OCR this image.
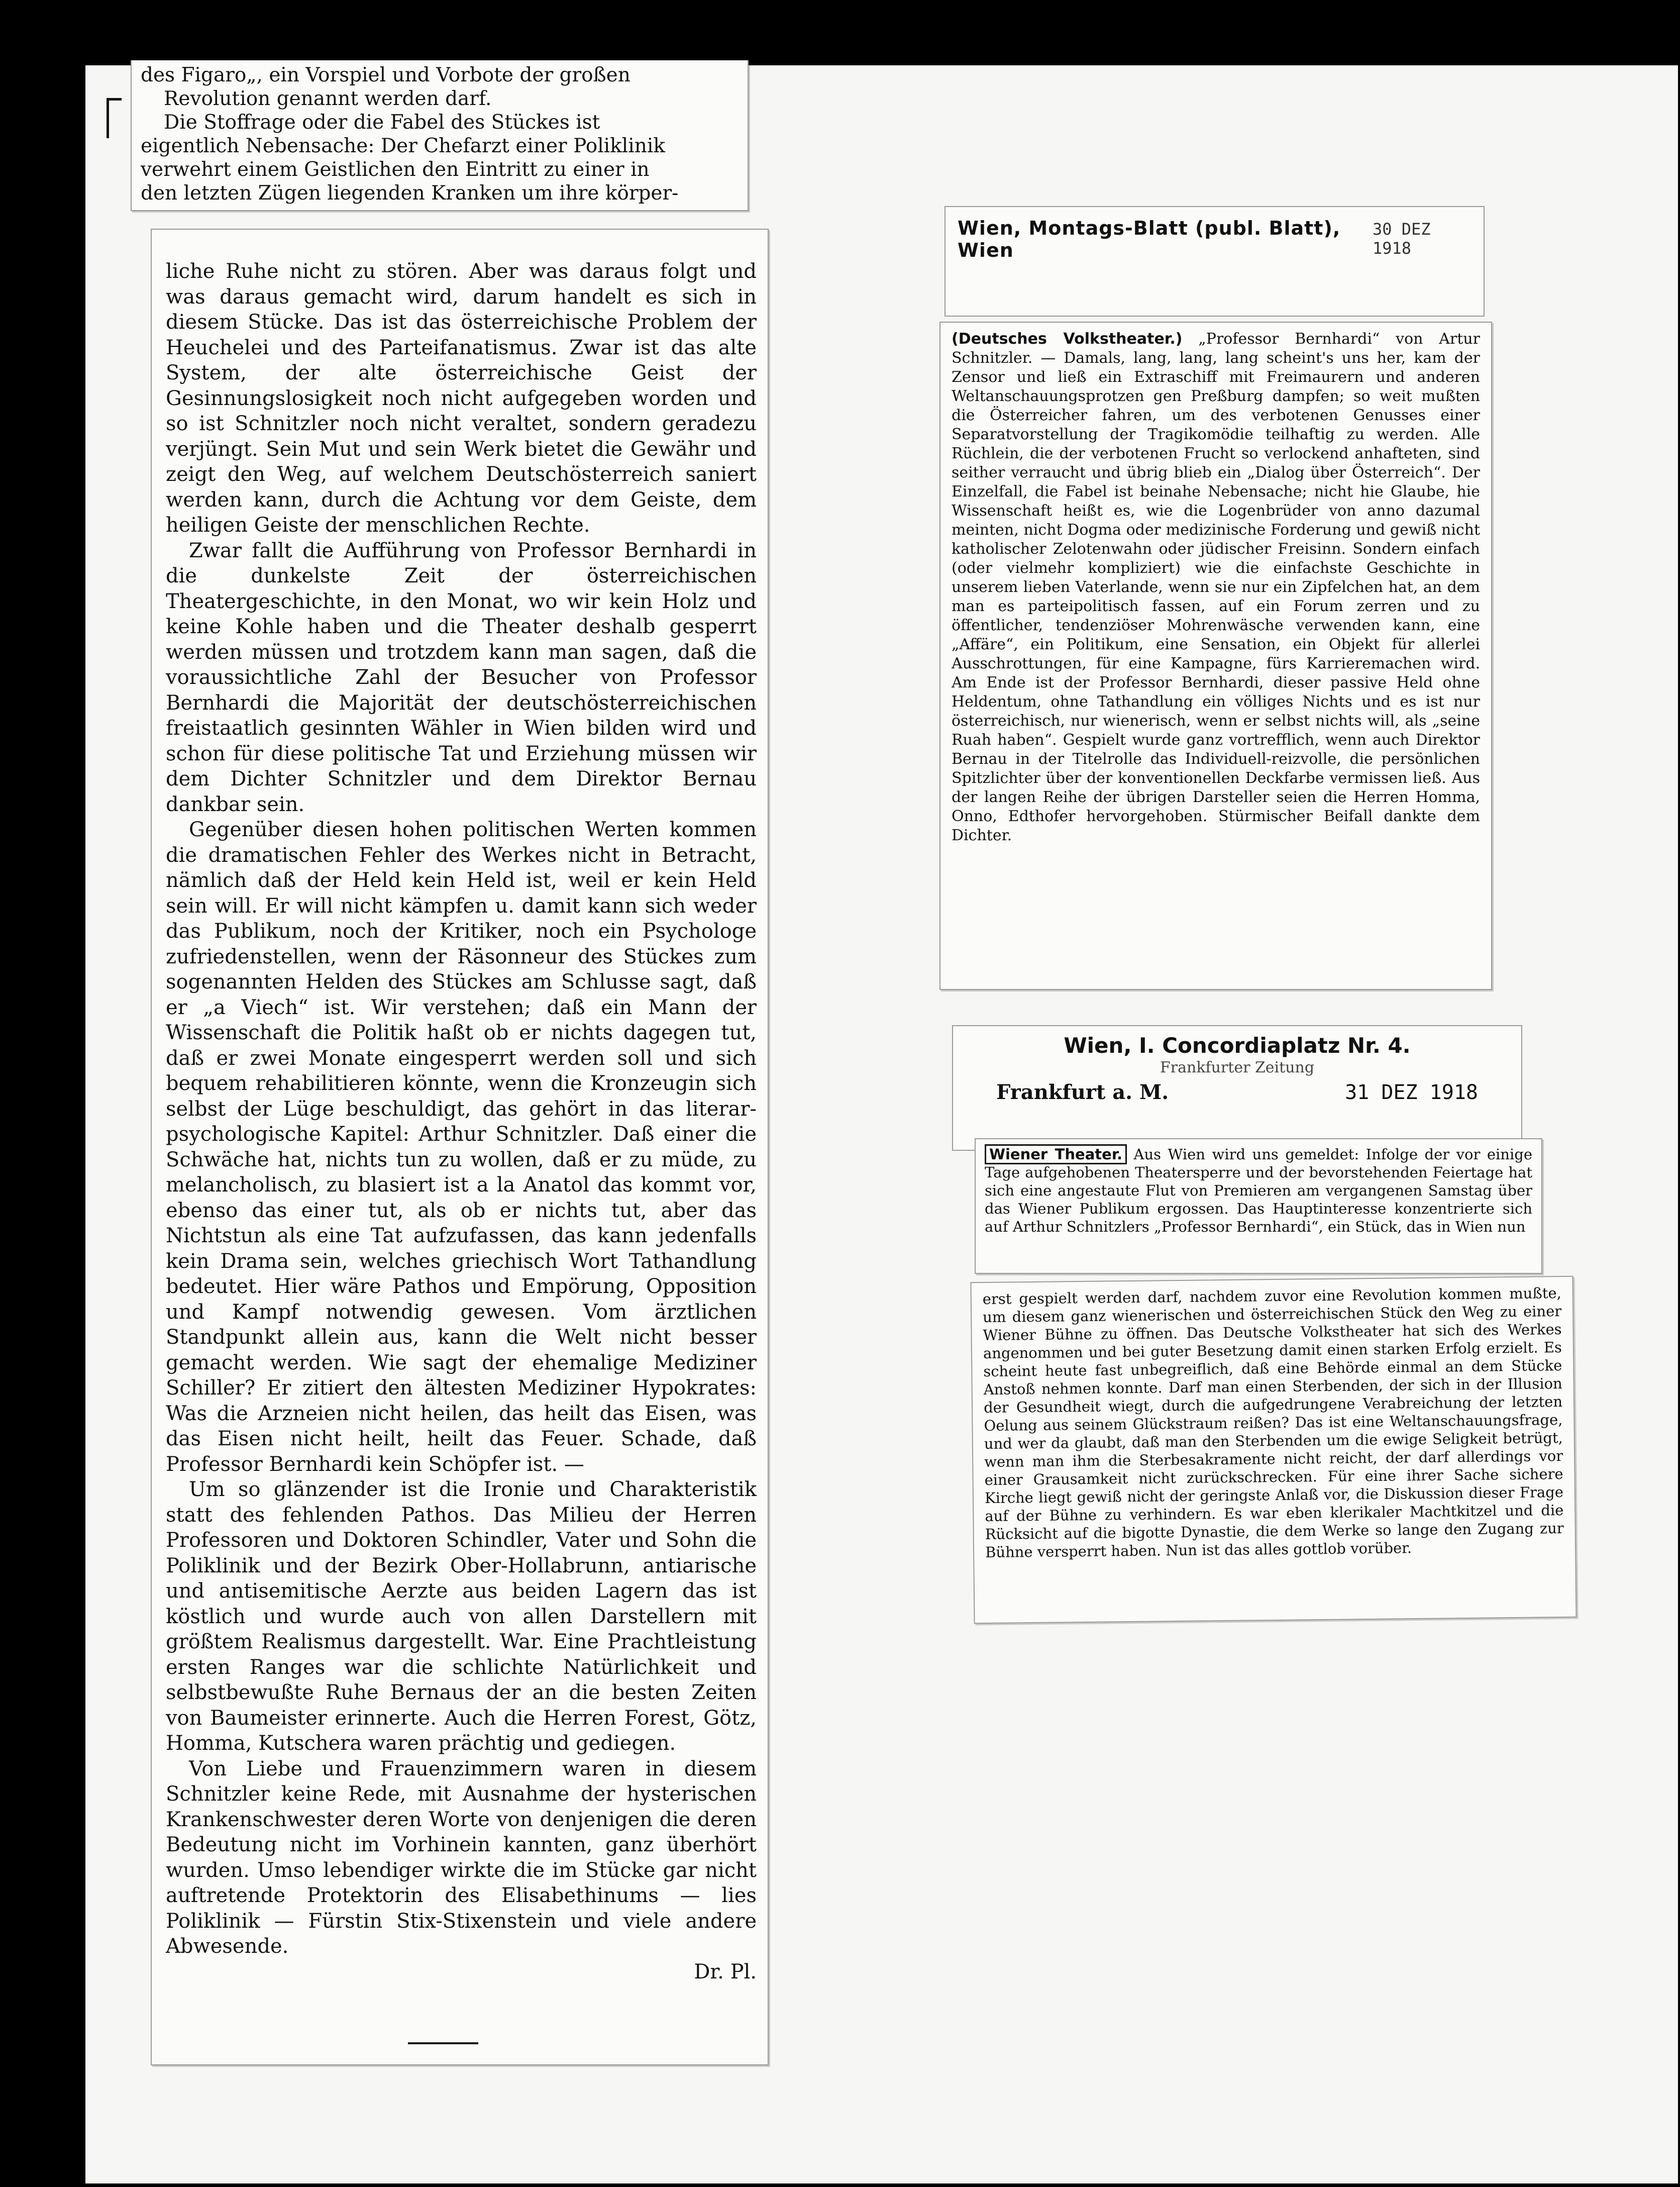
des Figaro„, ein Vorspiel und Vorbote der großen

Revolution genannt werden darf.

Die Stoffrage oder die Fabel des Stückes ist

eigentlich Nebensache: Der Chefarzt einer Poliklinik

verwehrt einem Geistlichen den Eintritt zu einer in

den letzten Zügen liegenden Kranken um ihre körper-

liche Ruhe nicht zu stören. Aber was daraus folgt und was daraus gemacht wird, darum handelt es sich in diesem Stücke. Das ist das österreichische Problem der Heuchelei und des Parteifanatismus. Zwar ist das alte System, der alte österreichische Geist der Gesinnungslosigkeit noch nicht aufgegeben worden und so ist Schnitzler noch nicht veraltet, sondern geradezu verjüngt. Sein Mut und sein Werk bietet die Gewähr und zeigt den Weg, auf welchem Deutschösterreich saniert werden kann, durch die Achtung vor dem Geiste, dem heiligen Geiste der menschlichen Rechte.

Zwar fallt die Aufführung von Professor Bernhardi in die dunkelste Zeit der österreichischen Theatergeschichte, in den Monat, wo wir kein Holz und keine Kohle haben und die Theater deshalb gesperrt werden müssen und trotzdem kann man sagen, daß die voraussichtliche Zahl der Besucher von Professor Bernhardi die Majorität der deutschösterreichischen freistaatlich gesinnten Wähler in Wien bilden wird und schon für diese politische Tat und Erziehung müssen wir dem Dichter Schnitzler und dem Direktor Bernau dankbar sein.

Gegenüber diesen hohen politischen Werten kommen die dramatischen Fehler des Werkes nicht in Betracht, nämlich daß der Held kein Held ist, weil er kein Held sein will. Er will nicht kämpfen u. damit kann sich weder das Publikum, noch der Kritiker, noch ein Psychologe zufriedenstellen, wenn der Räsonneur des Stückes zum sogenannten Helden des Stückes am Schlusse sagt, daß er „a Viech“ ist. Wir verstehen; daß ein Mann der Wissenschaft die Politik haßt ob er nichts dagegen tut, daß er zwei Monate eingesperrt werden soll und sich bequem rehabilitieren könnte, wenn die Kronzeugin sich selbst der Lüge beschuldigt, das gehört in das literar-psychologische Kapitel: Arthur Schnitzler. Daß einer die Schwäche hat, nichts tun zu wollen, daß er zu müde, zu melancholisch, zu blasiert ist a la Anatol das kommt vor, ebenso das einer tut, als ob er nichts tut, aber das Nichtstun als eine Tat aufzufassen, das kann jedenfalls kein Drama sein, welches griechisch Wort Tathandlung bedeutet. Hier wäre Pathos und Empörung, Opposition und Kampf notwendig gewesen. Vom ärztlichen Standpunkt allein aus, kann die Welt nicht besser gemacht werden. Wie sagt der ehemalige Mediziner Schiller? Er zitiert den ältesten Mediziner Hypokrates: Was die Arzneien nicht heilen, das heilt das Eisen, was das Eisen nicht heilt, heilt das Feuer. Schade, daß Professor Bernhardi kein Schöpfer ist. —

Um so glänzender ist die Ironie und Charakteristik statt des fehlenden Pathos. Das Milieu der Herren Professoren und Doktoren Schindler, Vater und Sohn die Poliklinik und der Bezirk Ober-Hollabrunn, antiarische und antisemitische Aerzte aus beiden Lagern das ist köstlich und wurde auch von allen Darstellern mit größtem Realismus dargestellt. War. Eine Prachtleistung ersten Ranges war die schlichte Natürlichkeit und selbstbewußte Ruhe Bernaus der an die besten Zeiten von Baumeister erinnerte. Auch die Herren Forest, Götz, Homma, Kutschera waren prächtig und gediegen.

Von Liebe und Frauenzimmern waren in diesem Schnitzler keine Rede, mit Ausnahme der hysterischen Krankenschwester deren Worte von denjenigen die deren Bedeutung nicht im Vorhinein kannten, ganz überhört wurden. Umso lebendiger wirkte die im Stücke gar nicht auftretende Protektorin des Elisabethinums — lies Poliklinik — Fürstin Stix-Stixenstein und viele andere Abwesende.

Dr. Pl.

Wien, Montags-Blatt (publ. Blatt), Wien
30 DEZ 1918

(Deutsches Volkstheater.) „Professor Bernhardi“ von Artur Schnitzler. — Damals, lang, lang, lang scheint's uns her, kam der Zensor und ließ ein Extraschiff mit Freimaurern und anderen Weltanschauungsprotzen gen Preßburg dampfen; so weit mußten die Österreicher fahren, um des verbotenen Genusses einer Separatvorstellung der Tragikomödie teilhaftig zu werden. Alle Rüchlein, die der verbotenen Frucht so verlockend anhafteten, sind seither verraucht und übrig blieb ein „Dialog über Österreich“. Der Einzelfall, die Fabel ist beinahe Nebensache; nicht hie Glaube, hie Wissenschaft heißt es, wie die Logenbrüder von anno dazumal meinten, nicht Dogma oder medizinische Forderung und gewiß nicht katholischer Zelotenwahn oder jüdischer Freisinn. Sondern einfach (oder vielmehr kompliziert) wie die einfachste Geschichte in unserem lieben Vaterlande, wenn sie nur ein Zipfelchen hat, an dem man es parteipolitisch fassen, auf ein Forum zerren und zu öffentlicher, tendenziöser Mohrenwäsche verwenden kann, eine „Affäre“, ein Politikum, eine Sensation, ein Objekt für allerlei Ausschrottungen, für eine Kampagne, fürs Karrieremachen wird. Am Ende ist der Professor Bernhardi, dieser passive Held ohne Heldentum, ohne Tathandlung ein völliges Nichts und es ist nur österreichisch, nur wienerisch, wenn er selbst nichts will, als „seine Ruah haben“. Gespielt wurde ganz vortrefflich, wenn auch Direktor Bernau in der Titelrolle das Individuell-reizvolle, die persönlichen Spitzlichter über der konventionellen Deckfarbe vermissen ließ. Aus der langen Reihe der übrigen Darsteller seien die Herren Homma, Onno, Edthofer hervorgehoben. Stürmischer Beifall dankte dem Dichter.

Wien, I. Concordiaplatz Nr. 4.
Frankfurter Zeitung
Frankfurt a. M.	31 DEZ 1918

Wiener Theater. Aus Wien wird uns gemeldet: Infolge der vor einige Tage aufgehobenen Theatersperre und der bevorstehenden Feiertage hat sich eine angestaute Flut von Premieren am vergangenen Samstag über das Wiener Publikum ergossen. Das Hauptinteresse konzentrierte sich auf Arthur Schnitzlers „Professor Bernhardi“, ein Stück, das in Wien nun

erst gespielt werden darf, nachdem zuvor eine Revolution kommen mußte, um diesem ganz wienerischen und österreichischen Stück den Weg zu einer Wiener Bühne zu öffnen. Das Deutsche Volkstheater hat sich des Werkes angenommen und bei guter Besetzung damit einen starken Erfolg erzielt. Es scheint heute fast unbegreiflich, daß eine Behörde einmal an dem Stücke Anstoß nehmen konnte. Darf man einen Sterbenden, der sich in der Illusion der Gesundheit wiegt, durch die aufgedrungene Verabreichung der letzten Oelung aus seinem Glückstraum reißen? Das ist eine Weltanschauungsfrage, und wer da glaubt, daß man den Sterbenden um die ewige Seligkeit betrügt, wenn man ihm die Sterbesakramente nicht reicht, der darf allerdings vor einer Grausamkeit nicht zurückschrecken. Für eine ihrer Sache sichere Kirche liegt gewiß nicht der geringste Anlaß vor, die Diskussion dieser Frage auf der Bühne zu verhindern. Es war eben klerikaler Machtkitzel und die Rücksicht auf die bigotte Dynastie, die dem Werke so lange den Zugang zur Bühne versperrt haben. Nun ist das alles gottlob vorüber.
